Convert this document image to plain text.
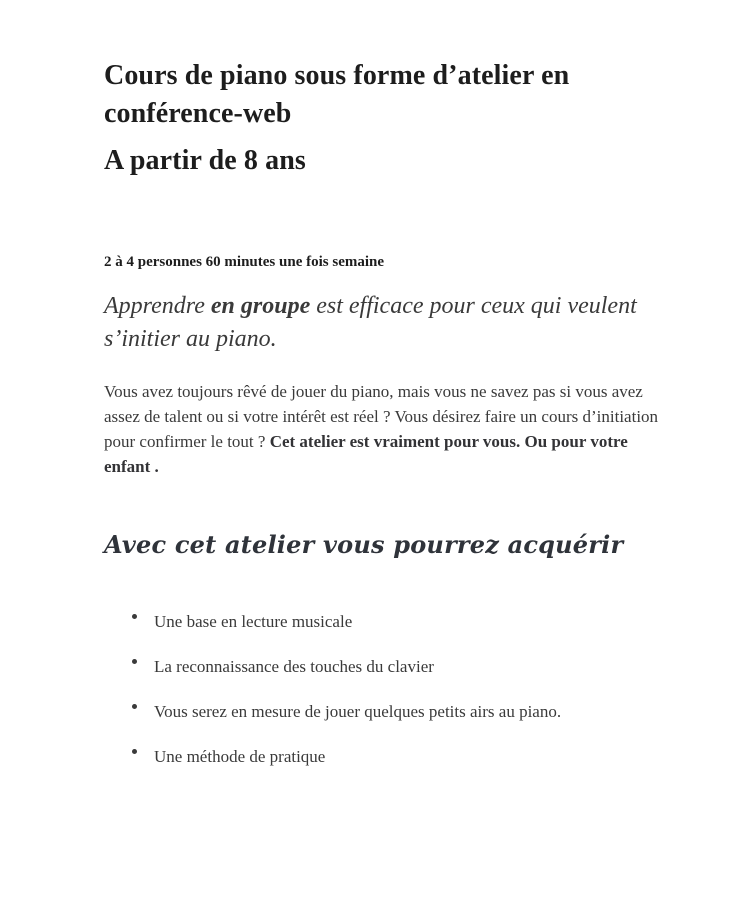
Cours de piano sous forme d’atelier en conférence-web
A partir de 8 ans

2 à 4 personnes 60 minutes une fois semaine

Apprendre en groupe est efficace pour ceux qui veulent s’initier au piano.

Vous avez toujours rêvé de jouer du piano, mais vous ne savez pas si vous avez assez de talent ou si votre intérêt est réel ? Vous désirez faire un cours d’initiation pour confirmer le tout ? Cet atelier est vraiment pour vous. Ou pour votre enfant .

Avec cet atelier vous pourrez acquérir
Une base en lecture musicale
La reconnaissance des touches du clavier
Vous serez en mesure de jouer quelques petits airs au piano.
Une méthode de pratique
